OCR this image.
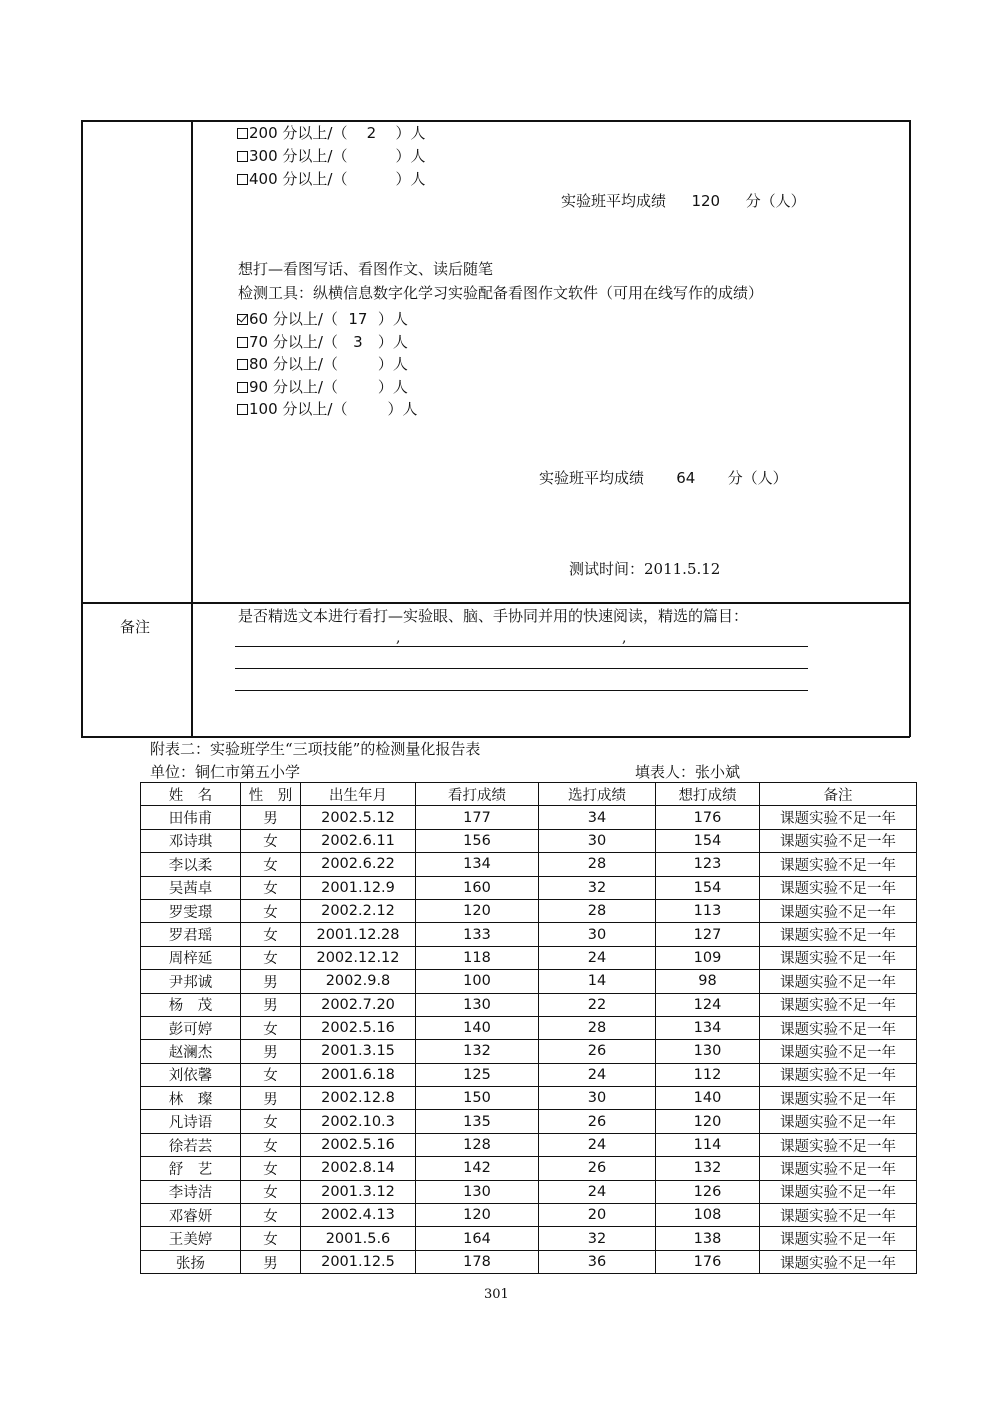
200 分以上/（ 2 ）人
300 分以上/（	）人
400 分以上/（	）人
实验班平均成绩 120 分（人）
想打—看图写话、看图作文、读后随笔
检测工具：纵横信息数字化学习实验配备看图作文软件（可用在线写作的成绩）
60 分以上/（ 17 ）人
70 分以上/（ 3 ）人
80 分以上/（	）人
90 分以上/（	）人
100 分以上/（	）人
实验班平均成绩 64 分（人）
测试时间：2011.5.12
备注
是否精选文本进行看打—实验眼、脑、手协同并用的快速阅读，精选的篇目：
,	,
附表二：实验班学生“三项技能”的检测量化报告表
单位：铜仁市第五小学	填表人：张小斌
姓　名	性　别	出生年月	看打成绩	选打成绩	想打成绩	备注
田伟甫	男	2002.5.12	177	34	176	课题实验不足一年
邓诗琪	女	2002.6.11	156	30	154	课题实验不足一年
李以柔	女	2002.6.22	134	28	123	课题实验不足一年
吴茜卓	女	2001.12.9	160	32	154	课题实验不足一年
罗雯璟	女	2002.2.12	120	28	113	课题实验不足一年
罗君瑶	女	2001.12.28	133	30	127	课题实验不足一年
周梓延	女	2002.12.12	118	24	109	课题实验不足一年
尹邦诚	男	2002.9.8	100	14	98	课题实验不足一年
杨　茂	男	2002.7.20	130	22	124	课题实验不足一年
彭可婷	女	2002.5.16	140	28	134	课题实验不足一年
赵澜杰	男	2001.3.15	132	26	130	课题实验不足一年
刘依馨	女	2001.6.18	125	24	112	课题实验不足一年
林　璨	男	2002.12.8	150	30	140	课题实验不足一年
凡诗语	女	2002.10.3	135	26	120	课题实验不足一年
徐若芸	女	2002.5.16	128	24	114	课题实验不足一年
舒　艺	女	2002.8.14	142	26	132	课题实验不足一年
李诗洁	女	2001.3.12	130	24	126	课题实验不足一年
邓睿妍	女	2002.4.13	120	20	108	课题实验不足一年
王美婷	女	2001.5.6	164	32	138	课题实验不足一年
张扬	男	2001.12.5	178	36	176	课题实验不足一年
301
